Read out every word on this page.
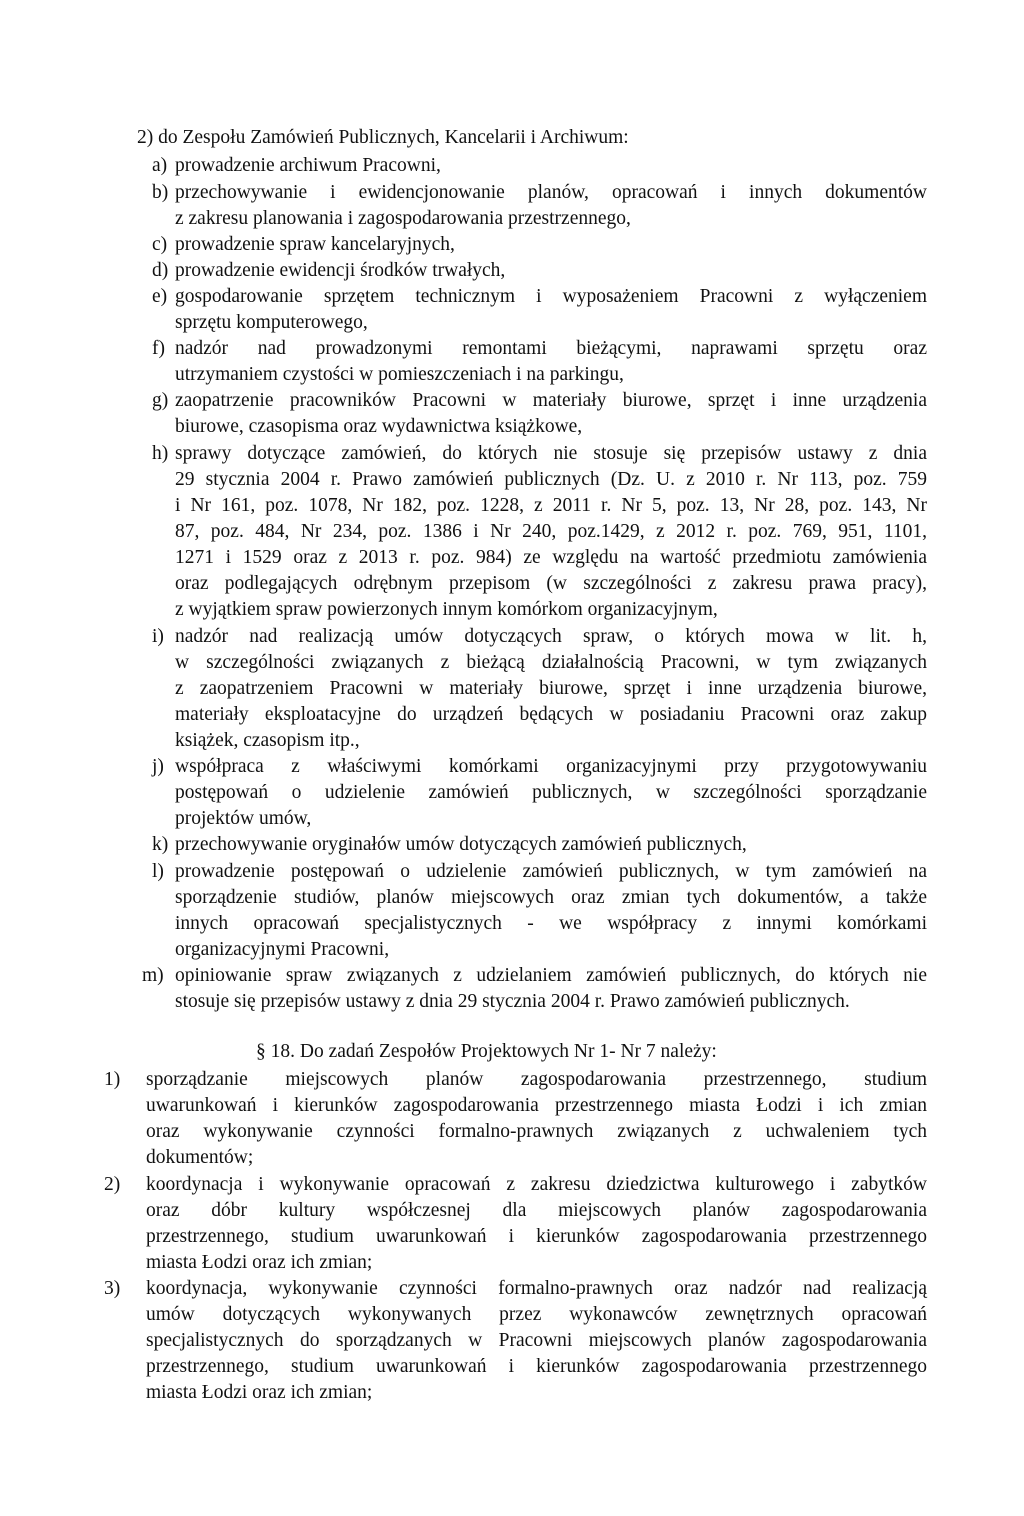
2) do Zespołu Zamówień Publicznych, Kancelarii i Archiwum:
a) prowadzenie archiwum Pracowni,
b) przechowywanie i ewidencjonowanie planów, opracowań i innych dokumentów
z zakresu planowania i zagospodarowania przestrzennego,
c) prowadzenie spraw kancelaryjnych,
d) prowadzenie ewidencji środków trwałych,
e) gospodarowanie sprzętem technicznym i wyposażeniem Pracowni z wyłączeniem
sprzętu komputerowego,
f) nadzór nad prowadzonymi remontami bieżącymi, naprawami sprzętu oraz
utrzymaniem czystości w pomieszczeniach i na parkingu,
g) zaopatrzenie pracowników Pracowni w materiały biurowe, sprzęt i inne urządzenia
biurowe, czasopisma oraz wydawnictwa książkowe,
h) sprawy dotyczące zamówień, do których nie stosuje się przepisów ustawy z dnia
29 stycznia 2004 r. Prawo zamówień publicznych (Dz. U. z 2010 r. Nr 113, poz. 759
i Nr 161, poz. 1078, Nr 182, poz. 1228, z 2011 r. Nr 5, poz. 13, Nr 28, poz. 143, Nr
87, poz. 484, Nr 234, poz. 1386 i Nr 240, poz.1429, z 2012 r. poz. 769, 951, 1101,
1271 i 1529 oraz z 2013 r. poz. 984) ze względu na wartość przedmiotu zamówienia
oraz podlegających odrębnym przepisom (w szczególności z zakresu prawa pracy),
z wyjątkiem spraw powierzonych innym komórkom organizacyjnym,
i) nadzór nad realizacją umów dotyczących spraw, o których mowa w lit. h,
w szczególności związanych z bieżącą działalnością Pracowni, w tym związanych
z zaopatrzeniem Pracowni w materiały biurowe, sprzęt i inne urządzenia biurowe,
materiały eksploatacyjne do urządzeń będących w posiadaniu Pracowni oraz zakup
książek, czasopism itp.,
j) współpraca z właściwymi komórkami organizacyjnymi przy przygotowywaniu
postępowań o udzielenie zamówień publicznych, w szczególności sporządzanie
projektów umów,
k) przechowywanie oryginałów umów dotyczących zamówień publicznych,
l) prowadzenie postępowań o udzielenie zamówień publicznych, w tym zamówień na
sporządzenie studiów, planów miejscowych oraz zmian tych dokumentów, a także
innych opracowań specjalistycznych - we współpracy z innymi komórkami
organizacyjnymi Pracowni,
m) opiniowanie spraw związanych z udzielaniem zamówień publicznych, do których nie
stosuje się przepisów ustawy z dnia 29 stycznia 2004 r. Prawo zamówień publicznych.
§ 18. Do zadań Zespołów Projektowych Nr 1- Nr 7 należy:
1) sporządzanie miejscowych planów zagospodarowania przestrzennego, studium
uwarunkowań i kierunków zagospodarowania przestrzennego miasta Łodzi i ich zmian
oraz wykonywanie czynności formalno-prawnych związanych z uchwaleniem tych
dokumentów;
2) koordynacja i wykonywanie opracowań z zakresu dziedzictwa kulturowego i zabytków
oraz dóbr kultury współczesnej dla miejscowych planów zagospodarowania
przestrzennego, studium uwarunkowań i kierunków zagospodarowania przestrzennego
miasta Łodzi oraz ich zmian;
3) koordynacja, wykonywanie czynności formalno-prawnych oraz nadzór nad realizacją
umów dotyczących wykonywanych przez wykonawców zewnętrznych opracowań
specjalistycznych do sporządzanych w Pracowni miejscowych planów zagospodarowania
przestrzennego, studium uwarunkowań i kierunków zagospodarowania przestrzennego
miasta Łodzi oraz ich zmian;
